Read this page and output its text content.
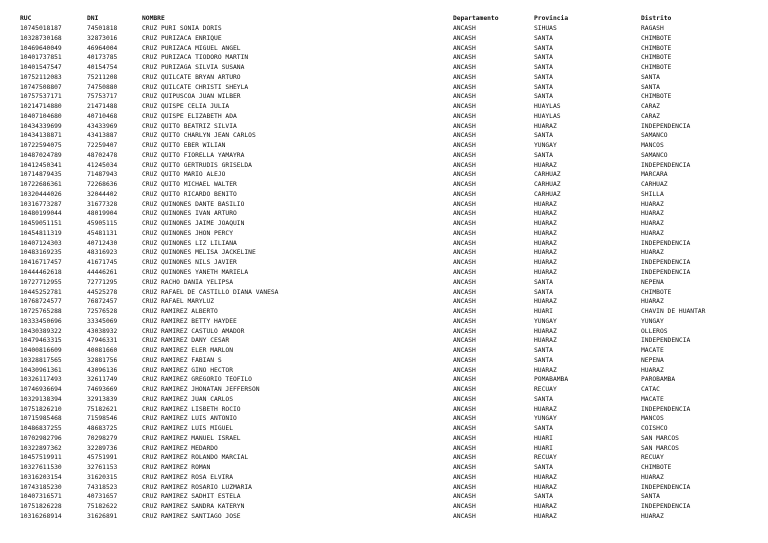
RUC	DNI	NOMBRE	Departamento	Provincia	Distrito
10745018187	74501818	CRUZ PURI SONIA DORIS	ANCASH	SIHUAS	RAGASH
10328730168	32873016	CRUZ PURIZACA ENRIQUE	ANCASH	SANTA	CHIMBOTE
10469640049	46964004	CRUZ PURIZACA MIGUEL ANGEL	ANCASH	SANTA	CHIMBOTE
10401737851	40173785	CRUZ PURIZACA TIODORO MARTIN	ANCASH	SANTA	CHIMBOTE
10401547547	40154754	CRUZ PURIZAGA SILVIA SUSANA	ANCASH	SANTA	CHIMBOTE
10752112083	75211208	CRUZ QUILCATE BRYAN ARTURO	ANCASH	SANTA	SANTA
10747508807	74750880	CRUZ QUILCATE CHRISTI SHEYLA	ANCASH	SANTA	SANTA
10757537171	75753717	CRUZ QUIPUSCOA JUAN WILBER	ANCASH	SANTA	CHIMBOTE
10214714880	21471488	CRUZ QUISPE CELIA JULIA	ANCASH	HUAYLAS	CARAZ
10407104680	40710468	CRUZ QUISPE ELIZABETH ADA	ANCASH	HUAYLAS	CARAZ
10434339699	43433969	CRUZ QUITO BEATRIZ SILVIA	ANCASH	HUARAZ	INDEPENDENCIA
10434138871	43413887	CRUZ QUITO CHARLYN JEAN CARLOS	ANCASH	SANTA	SAMANCO
10722594075	72259407	CRUZ QUITO EBER WILIAN	ANCASH	YUNGAY	MANCOS
10487024789	48702478	CRUZ QUITO FIORELLA YAMAYRA	ANCASH	SANTA	SAMANCO
10412450341	41245034	CRUZ QUITO GERTRUDIS GRISELDA	ANCASH	HUARAZ	INDEPENDENCIA
10714879435	71487943	CRUZ QUITO MARIO ALEJO	ANCASH	CARHUAZ	MARCARA
10722686361	72268636	CRUZ QUITO MICHAEL WALTER	ANCASH	CARHUAZ	CARHUAZ
10320444026	32044402	CRUZ QUITO RICARDO BENITO	ANCASH	CARHUAZ	SHILLA
10316773287	31677328	CRUZ QUIÑONES DANTE BASILIO	ANCASH	HUARAZ	HUARAZ
10480199044	48019904	CRUZ QUIÑONES IVAN ARTURO	ANCASH	HUARAZ	HUARAZ
10459051151	45905115	CRUZ QUIÑONES JAIME JOAQUIN	ANCASH	HUARAZ	HUARAZ
10454811319	45481131	CRUZ QUIÑONES JHON PERCY	ANCASH	HUARAZ	HUARAZ
10407124303	40712430	CRUZ QUIÑONES LIZ LILIANA	ANCASH	HUARAZ	INDEPENDENCIA
10483169235	48316923	CRUZ QUIÑONES MELISA JACKELINE	ANCASH	HUARAZ	HUARAZ
10416717457	41671745	CRUZ QUIÑONES NILS JAVIER	ANCASH	HUARAZ	INDEPENDENCIA
10444462618	44446261	CRUZ QUIÑONES YANETH MARIELA	ANCASH	HUARAZ	INDEPENDENCIA
10727712955	72771295	CRUZ RACHO DANIA YELIPSA	ANCASH	SANTA	NEPEÑA
10445252781	44525278	CRUZ RAFAEL DE CASTILLO DIANA VANESA	ANCASH	SANTA	CHIMBOTE
10768724577	76872457	CRUZ RAFAEL MARYLUZ	ANCASH	HUARAZ	HUARAZ
10725765288	72576528	CRUZ RAMIREZ ALBERTO	ANCASH	HUARI	CHAVIN DE HUANTAR
10333450696	33345069	CRUZ RAMIREZ BETTY HAYDEE	ANCASH	YUNGAY	YUNGAY
10430389322	43038932	CRUZ RAMIREZ CASTULO AMADOR	ANCASH	HUARAZ	OLLEROS
10479463315	47946331	CRUZ RAMIREZ DANY CESAR	ANCASH	HUARAZ	INDEPENDENCIA
10400816609	40081660	CRUZ RAMIREZ ELER MARLON	ANCASH	SANTA	MACATE
10328817565	32881756	CRUZ RAMIREZ FABIAN S	ANCASH	SANTA	NEPEÑA
10430961361	43096136	CRUZ RAMIREZ GINO HECTOR	ANCASH	HUARAZ	HUARAZ
10326117493	32611749	CRUZ RAMIREZ GREGORIO TEOFILO	ANCASH	POMABAMBA	PAROBAMBA
10746936694	74693669	CRUZ RAMIREZ JHONATAN JEFFERSON	ANCASH	RECUAY	CATAC
10329138394	32913839	CRUZ RAMIREZ JUAN CARLOS	ANCASH	SANTA	MACATE
10751826210	75182621	CRUZ RAMIREZ LISBETH ROCIO	ANCASH	HUARAZ	INDEPENDENCIA
10715985468	71598546	CRUZ RAMIREZ LUIS ANTONIO	ANCASH	YUNGAY	MANCOS
10486837255	48683725	CRUZ RAMIREZ LUIS MIGUEL	ANCASH	SANTA	COISHCO
10702982796	70298279	CRUZ RAMIREZ MANUEL ISRAEL	ANCASH	HUARI	SAN MARCOS
10322897362	32289736	CRUZ RAMIREZ MEDARDO	ANCASH	HUARI	SAN MARCOS
10457519911	45751991	CRUZ RAMIREZ ROLANDO MARCIAL	ANCASH	RECUAY	RECUAY
10327611530	32761153	CRUZ RAMIREZ ROMAN	ANCASH	SANTA	CHIMBOTE
10316203154	31620315	CRUZ RAMIREZ ROSA ELVIRA	ANCASH	HUARAZ	HUARAZ
10743185230	74318523	CRUZ RAMIREZ ROSARIO LUZMARIA	ANCASH	HUARAZ	INDEPENDENCIA
10407316571	40731657	CRUZ RAMIREZ SADHIT ESTELA	ANCASH	SANTA	SANTA
10751826228	75182622	CRUZ RAMIREZ SANDRA KATERYN	ANCASH	HUARAZ	INDEPENDENCIA
10316268914	31626891	CRUZ RAMIREZ SANTIAGO JOSE	ANCASH	HUARAZ	HUARAZ
